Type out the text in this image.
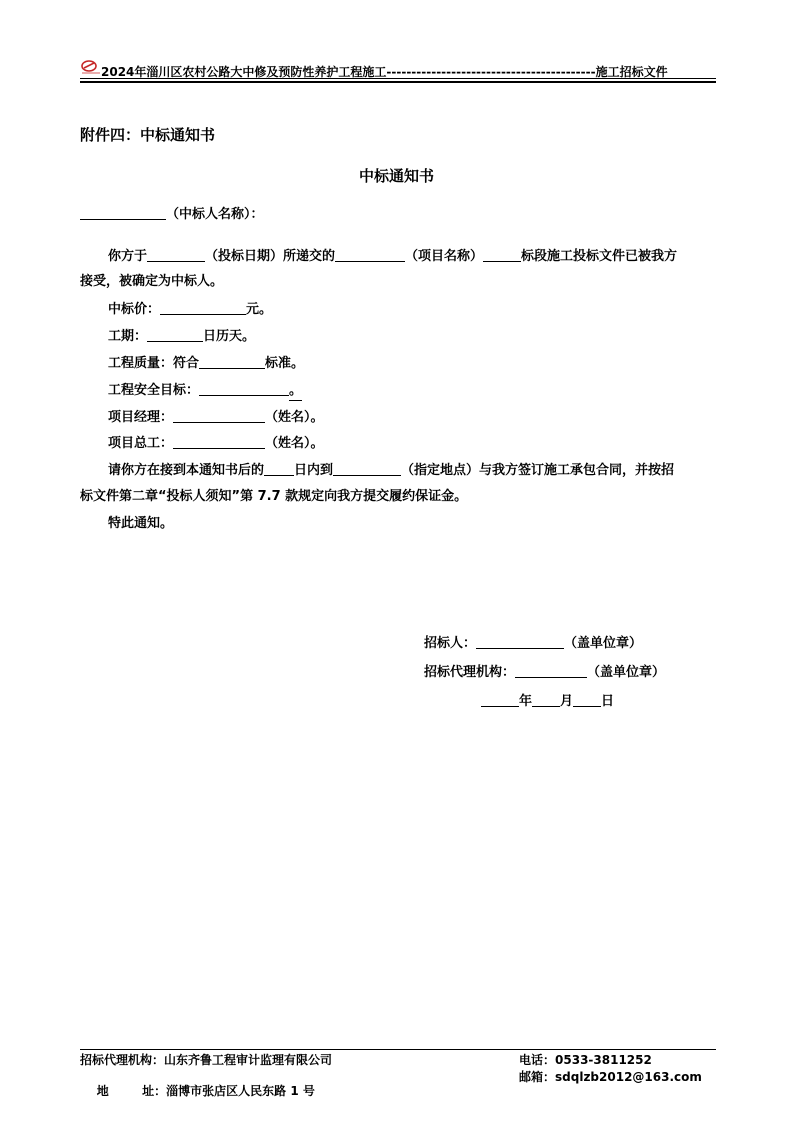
2024年淄川区农村公路大中修及预防性养护工程施工------------------------------------------施工招标文件
附件四：中标通知书
中标通知书
（中标人名称）：
你方于	（投标日期）所递交的	（项目名称）	标段施工投标文件已被我方
接受，被确定为中标人。
中标价：	元。
工期：	日历天。
工程质量：符合	标准。
工程安全目标：	。
项目经理：	（姓名）。
项目总工：	（姓名）。
请你方在接到本通知书后的 日内到	（指定地点）与我方签订施工承包合同，并按招
标文件第二章“投标人须知”第 7.7 款规定向我方提交履约保证金。
特此通知。
招标人：	（盖单位章）
招标代理机构：	（盖单位章）
年 月 日
招标代理机构：山东齐鲁工程审计监理有限公司

地        址：淄博市张店区人民东路 1 号

电话：0533-3811252
邮箱：sdqlzb2012@163.com
